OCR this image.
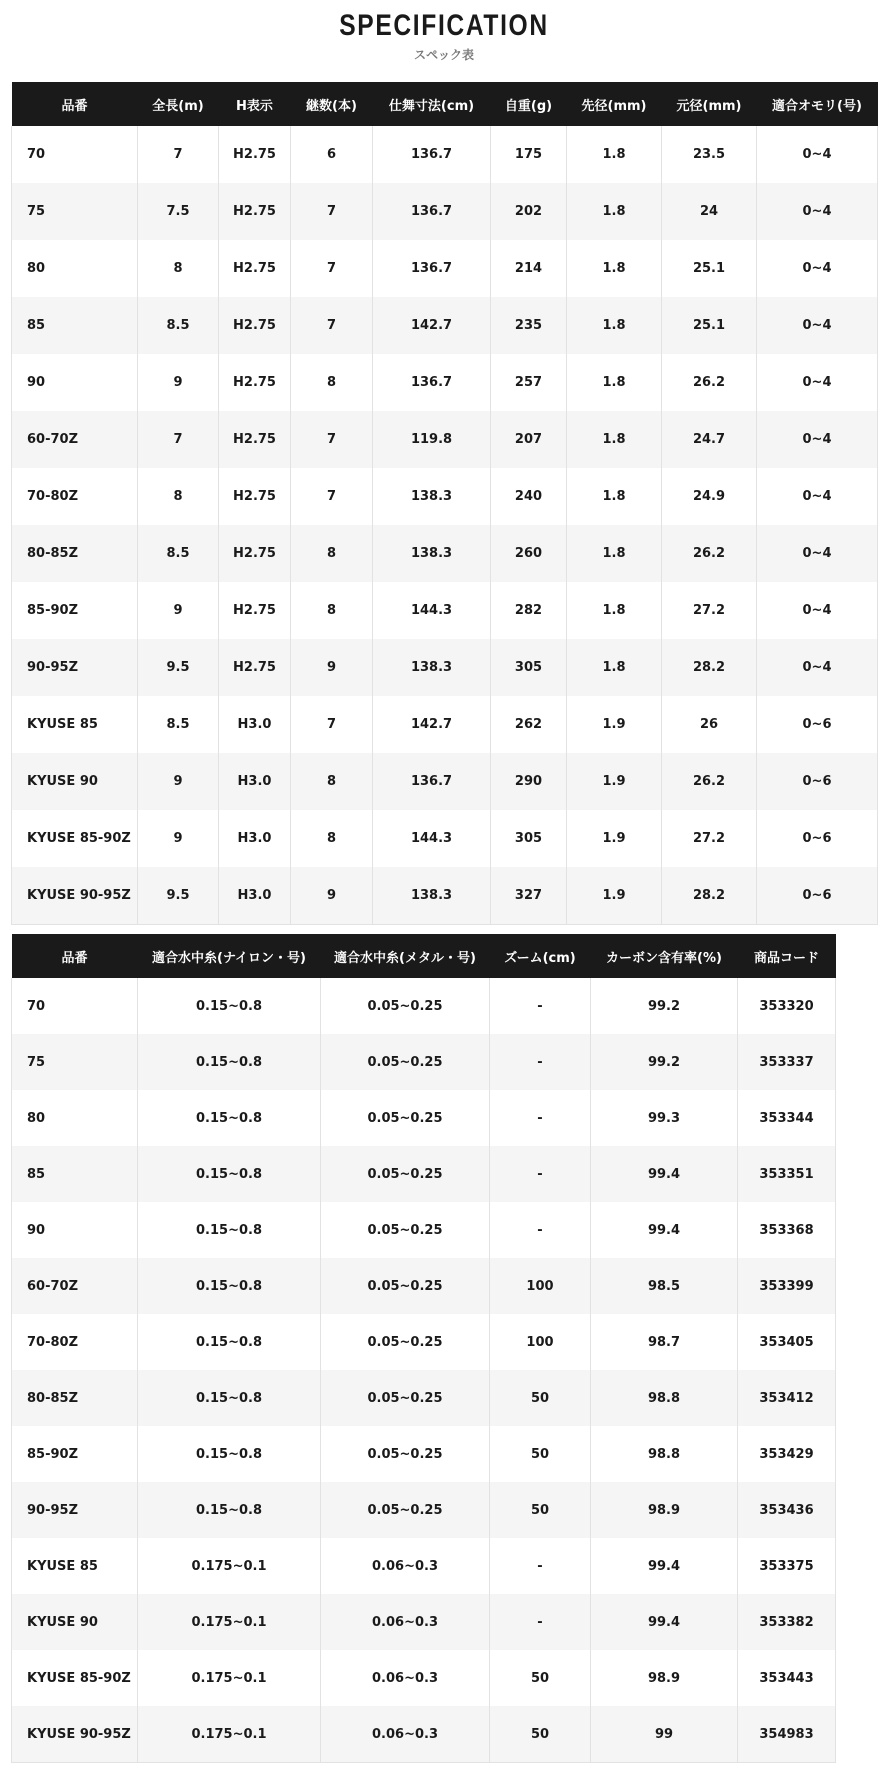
SPECIFICATION
スペック表
品番	全長(m)	H表示	継数(本)	仕舞寸法(cm)	自重(g)	先径(mm)	元径(mm)	適合オモリ(号)
70	7	H2.75	6	136.7	175	1.8	23.5	0~4
75	7.5	H2.75	7	136.7	202	1.8	24	0~4
80	8	H2.75	7	136.7	214	1.8	25.1	0~4
85	8.5	H2.75	7	142.7	235	1.8	25.1	0~4
90	9	H2.75	8	136.7	257	1.8	26.2	0~4
60-70Z	7	H2.75	7	119.8	207	1.8	24.7	0~4
70-80Z	8	H2.75	7	138.3	240	1.8	24.9	0~4
80-85Z	8.5	H2.75	8	138.3	260	1.8	26.2	0~4
85-90Z	9	H2.75	8	144.3	282	1.8	27.2	0~4
90-95Z	9.5	H2.75	9	138.3	305	1.8	28.2	0~4
KYUSE 85	8.5	H3.0	7	142.7	262	1.9	26	0~6
KYUSE 90	9	H3.0	8	136.7	290	1.9	26.2	0~6
KYUSE 85-90Z	9	H3.0	8	144.3	305	1.9	27.2	0~6
KYUSE 90-95Z	9.5	H3.0	9	138.3	327	1.9	28.2	0~6
品番	適合水中糸(ナイロン・号)	適合水中糸(メタル・号)	ズーム(cm)	カーボン含有率(%)	商品コード
70	0.15~0.8	0.05~0.25	-	99.2	353320
75	0.15~0.8	0.05~0.25	-	99.2	353337
80	0.15~0.8	0.05~0.25	-	99.3	353344
85	0.15~0.8	0.05~0.25	-	99.4	353351
90	0.15~0.8	0.05~0.25	-	99.4	353368
60-70Z	0.15~0.8	0.05~0.25	100	98.5	353399
70-80Z	0.15~0.8	0.05~0.25	100	98.7	353405
80-85Z	0.15~0.8	0.05~0.25	50	98.8	353412
85-90Z	0.15~0.8	0.05~0.25	50	98.8	353429
90-95Z	0.15~0.8	0.05~0.25	50	98.9	353436
KYUSE 85	0.175~0.1	0.06~0.3	-	99.4	353375
KYUSE 90	0.175~0.1	0.06~0.3	-	99.4	353382
KYUSE 85-90Z	0.175~0.1	0.06~0.3	50	98.9	353443
KYUSE 90-95Z	0.175~0.1	0.06~0.3	50	99	354983
